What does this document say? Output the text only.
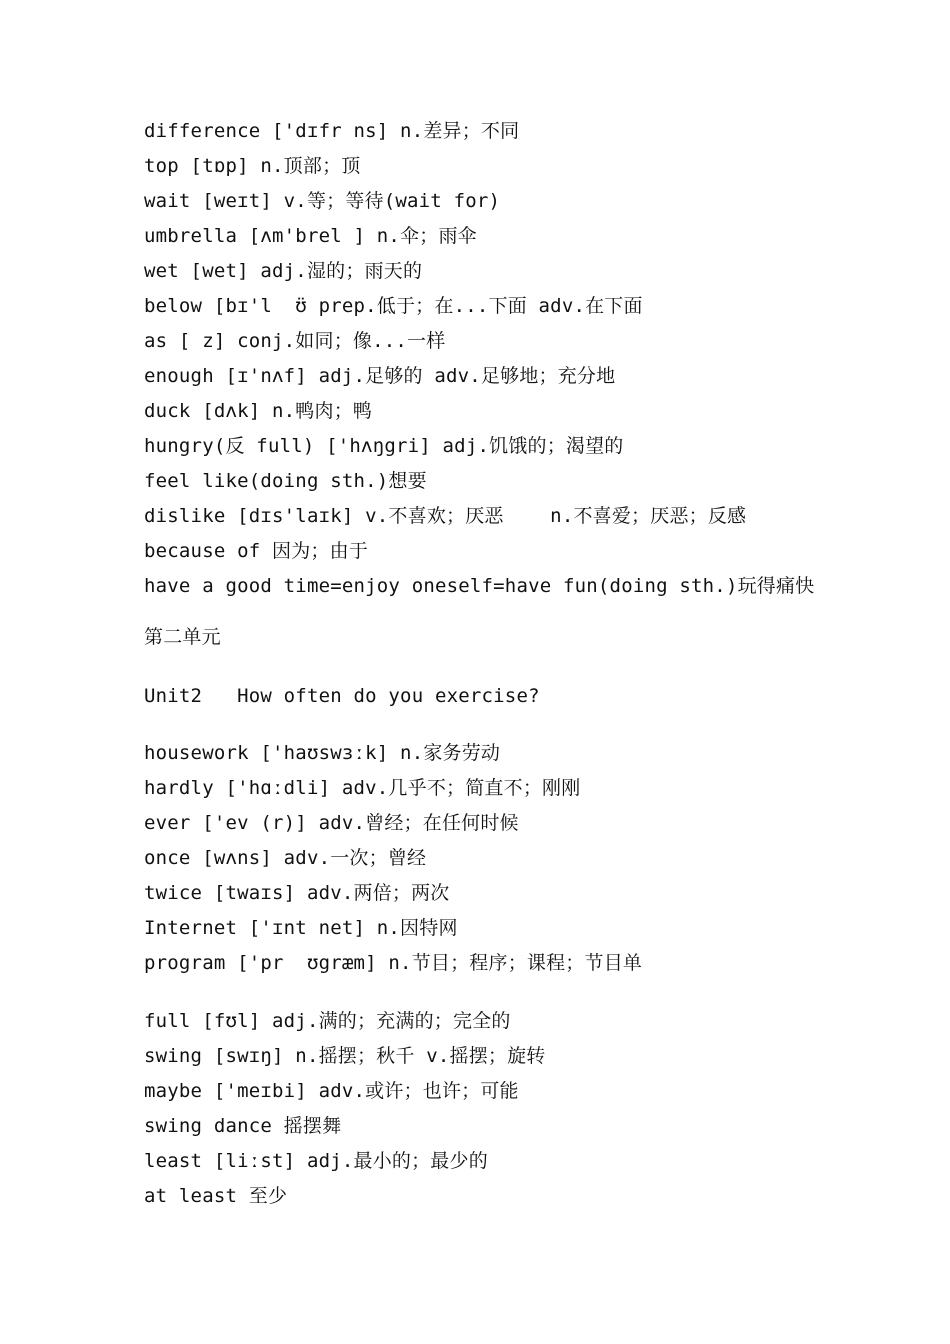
difference ['dɪfr ns] n.差异；不同
top [tɒp] n.顶部；顶
wait [weɪt] v.等；等待(wait for)
umbrella [ʌm'brel ] n.伞；雨伞
wet [wet] adj.湿的；雨天的
below [bɪ'l  ʊ̈ prep.低于；在...下面 adv.在下面
as [ z] conj.如同；像...一样
enough [ɪ'nʌf] adj.足够的 adv.足够地；充分地
duck [dʌk] n.鸭肉；鸭
hungry(反 full) ['hʌŋgri] adj.饥饿的；渴望的
feel like(doing sth.)想要
dislike [dɪs'laɪk] v.不喜欢；厌恶    n.不喜爱；厌恶；反感
because of 因为；由于
have a good time=enjoy oneself=have fun(doing sth.)玩得痛快
第二单元
Unit2   How often do you exercise?
housework ['haʊswɜːk] n.家务劳动
hardly ['hɑːdli] adv.几乎不；简直不；刚刚
ever ['ev (r)] adv.曾经；在任何时候
once [wʌns] adv.一次；曾经
twice [twaɪs] adv.两倍；两次
Internet ['ɪnt net] n.因特网
program ['pr  ʊgræm] n.节目；程序；课程；节目单
full [fʊl] adj.满的；充满的；完全的
swing [swɪŋ] n.摇摆；秋千 v.摇摆；旋转
maybe ['meɪbi] adv.或许；也许；可能
swing dance 摇摆舞
least [liːst] adj.最小的；最少的
at least 至少
